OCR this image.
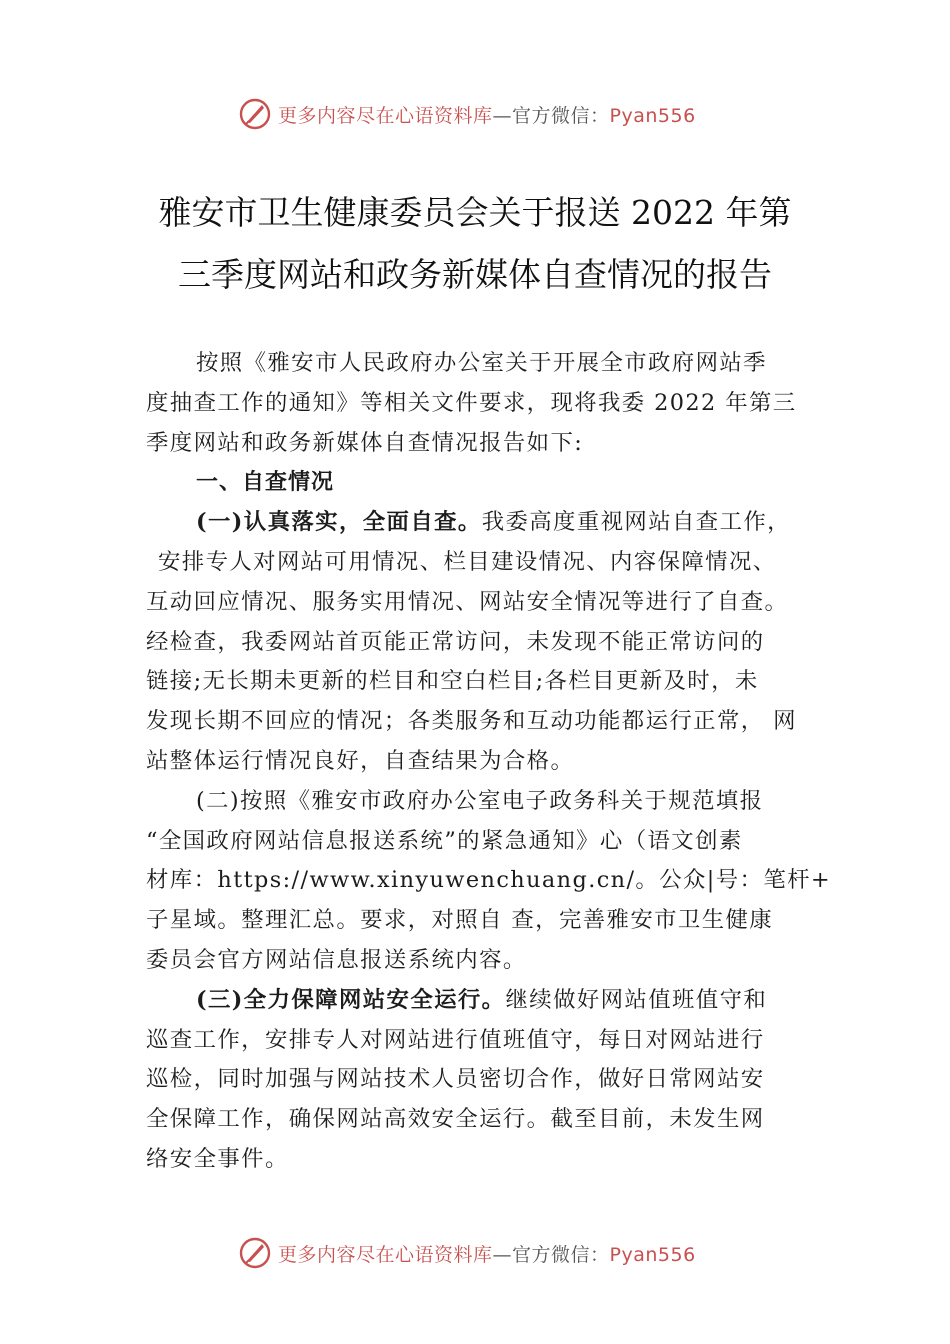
更多内容尽在心语资料库—官方微信：Pyan556
雅安市卫生健康委员会关于报送 2022 年第
三季度网站和政务新媒体自查情况的报告
按照《雅安市人民政府办公室关于开展全市政府网站季
度抽查工作的通知》等相关文件要求，现将我委 2022 年第三
季度网站和政务新媒体自查情况报告如下:
一、自查情况
(一)认真落实，全面自查。我委高度重视网站自查工作，
安排专人对网站可用情况、栏目建设情况、内容保障情况、
互动回应情况、服务实用情况、网站安全情况等进行了自查。
经检查，我委网站首页能正常访问，未发现不能正常访问的
链接;无长期未更新的栏目和空白栏目;各栏目更新及时，未
发现长期不回应的情况；各类服务和互动功能都运行正常， 网
站整体运行情况良好，自查结果为合格。
(二)按照《雅安市政府办公室电子政务科关于规范填报
“全国政府网站信息报送系统”的紧急通知》心（语文创素
材库：https://www.xinyuwenchuang.cn/。公众|号：笔杆+
子星域。整理汇总。要求，对照自 查，完善雅安市卫生健康
委员会官方网站信息报送系统内容。
(三)全力保障网站安全运行。继续做好网站值班值守和
巡查工作，安排专人对网站进行值班值守，每日对网站进行
巡检，同时加强与网站技术人员密切合作，做好日常网站安
全保障工作，确保网站高效安全运行。截至目前，未发生网
络安全事件。
更多内容尽在心语资料库—官方微信：Pyan556
